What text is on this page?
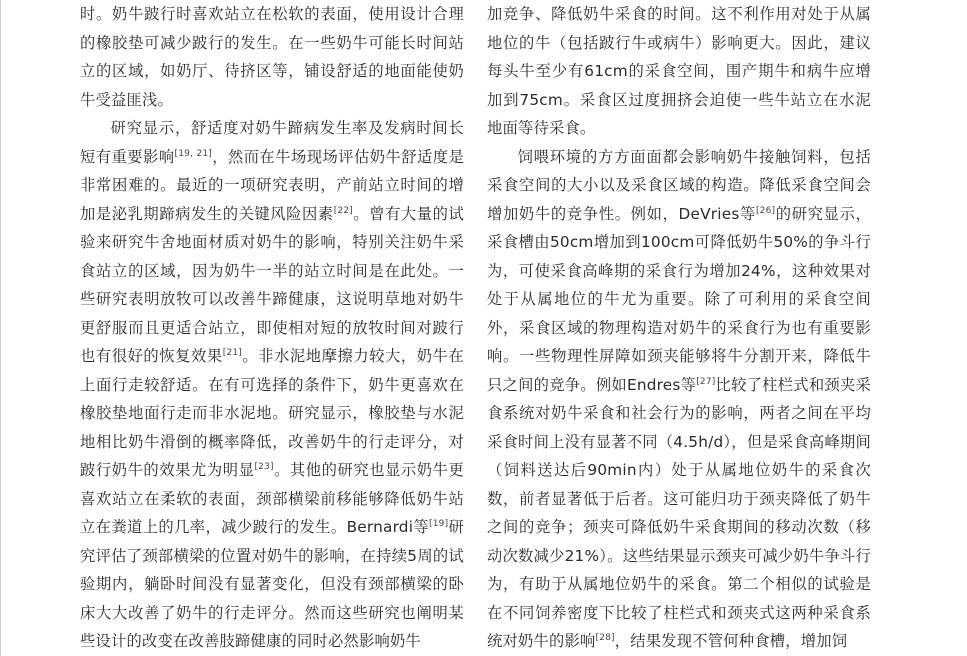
时。奶牛跛行时喜欢站立在松软的表面，使用设计合理的橡胶垫可减少跛行的发生。在一些奶牛可能长时间站立的区域，如奶厅、待挤区等，铺设舒适的地面能使奶牛受益匪浅。

研究显示，舒适度对奶牛蹄病发生率及发病时间长短有重要影响[19, 21]，然而在牛场现场评估奶牛舒适度是非常困难的。最近的一项研究表明，产前站立时间的增加是泌乳期蹄病发生的关键风险因素[22]。曾有大量的试验来研究牛舍地面材质对奶牛的影响，特别关注奶牛采食站立的区域，因为奶牛一半的站立时间是在此处。一些研究表明放牧可以改善牛蹄健康，这说明草地对奶牛更舒服而且更适合站立，即使相对短的放牧时间对跛行也有很好的恢复效果[21]。非水泥地摩擦力较大，奶牛在上面行走较舒适。在有可选择的条件下，奶牛更喜欢在橡胶垫地面行走而非水泥地。研究显示，橡胶垫与水泥地相比奶牛滑倒的概率降低，改善奶牛的行走评分，对跛行奶牛的效果尤为明显[23]。其他的研究也显示奶牛更喜欢站立在柔软的表面，颈部横梁前移能够降低奶牛站立在粪道上的几率，减少跛行的发生。Bernardi等[19]研究评估了颈部横梁的位置对奶牛的影响，在持续5周的试验期内，躺卧时间没有显著变化，但没有颈部横梁的卧床大大改善了奶牛的行走评分。然而这些研究也阐明某些设计的改变在改善肢蹄健康的同时必然影响奶牛

加竞争、降低奶牛采食的时间。这不利作用对处于从属地位的牛（包括跛行牛或病牛）影响更大。因此，建议每头牛至少有61cm的采食空间，围产期牛和病牛应增加到75cm。采食区过度拥挤会迫使一些牛站立在水泥地面等待采食。

饲喂环境的方方面面都会影响奶牛接触饲料，包括采食空间的大小以及采食区域的构造。降低采食空间会增加奶牛的竞争性。例如，DeVries等[26]的研究显示，采食槽由50cm增加到100cm可降低奶牛50%的争斗行为，可使采食高峰期的采食行为增加24%，这种效果对处于从属地位的牛尤为重要。除了可利用的采食空间外，采食区域的物理构造对奶牛的采食行为也有重要影响。一些物理性屏障如颈夹能够将牛分割开来，降低牛只之间的竞争。例如Endres等[27]比较了柱栏式和颈夹采食系统对奶牛采食和社会行为的影响，两者之间在平均采食时间上没有显著不同（4.5h/d），但是采食高峰期间（饲料送达后90min内）处于从属地位奶牛的采食次数，前者显著低于后者。这可能归功于颈夹降低了奶牛之间的竞争；颈夹可降低奶牛采食期间的移动次数（移动次数减少21%）。这些结果显示颈夹可减少奶牛争斗行为，有助于从属地位奶牛的采食。第二个相似的试验是在不同饲养密度下比较了柱栏式和颈夹式这两种采食系统对奶牛的影响[28]，结果发现不管何种食槽，增加饲
